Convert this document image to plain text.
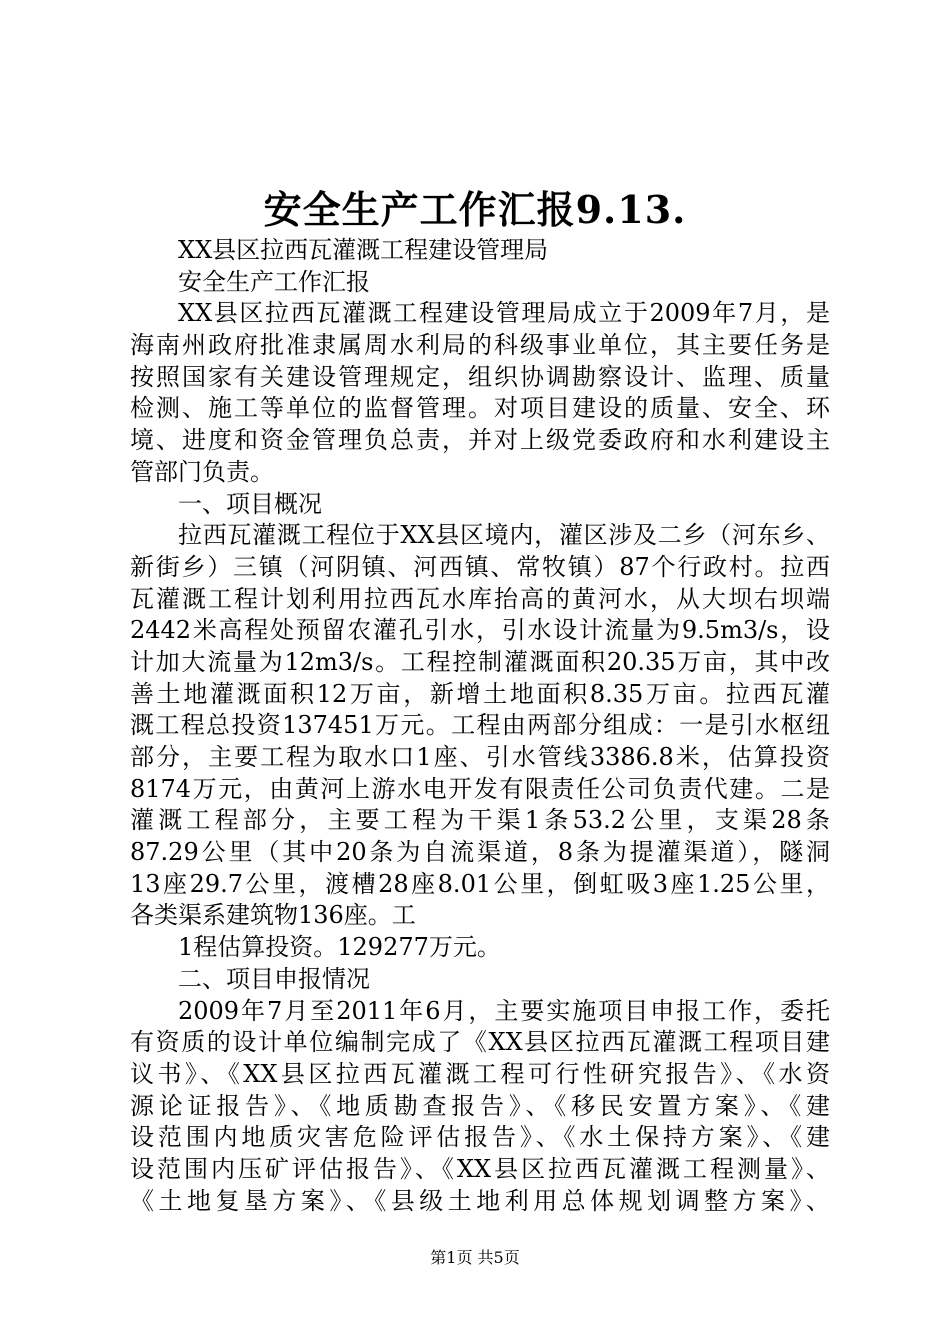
安全生产工作汇报9.13.
XX县区拉西瓦灌溉工程建设管理局
安全生产工作汇报
XX县区拉西瓦灌溉工程建设管理局成立于2009年7月，是
海南州政府批准隶属周水利局的科级事业单位，其主要任务是
按照国家有关建设管理规定，组织协调勘察设计、监理、质量
检测、施工等单位的监督管理。对项目建设的质量、安全、环
境、进度和资金管理负总责，并对上级党委政府和水利建设主
管部门负责。
一、项目概况
拉西瓦灌溉工程位于XX县区境内，灌区涉及二乡（河东乡、
新街乡）三镇（河阴镇、河西镇、常牧镇）87个行政村。拉西
瓦灌溉工程计划利用拉西瓦水库抬高的黄河水，从大坝右坝端
2442米高程处预留农灌孔引水，引水设计流量为9.5m3/s，设
计加大流量为12m3/s。工程控制灌溉面积20.35万亩，其中改
善土地灌溉面积12万亩，新增土地面积8.35万亩。拉西瓦灌
溉工程总投资137451万元。工程由两部分组成：一是引水枢纽
部分，主要工程为取水口1座、引水管线3386.8米，估算投资
8174万元，由黄河上游水电开发有限责任公司负责代建。二是
灌溉工程部分，主要工程为干渠1条53.2公里，支渠28条
87.29公里（其中20条为自流渠道，8条为提灌渠道），隧洞
13座29.7公里，渡槽28座8.01公里，倒虹吸3座1.25公里，
各类渠系建筑物136座。工
1程估算投资。129277万元。
二、项目申报情况
2009年7月至2011年6月，主要实施项目申报工作，委托
有资质的设计单位编制完成了《XX县区拉西瓦灌溉工程项目建
议书》、《XX县区拉西瓦灌溉工程可行性研究报告》、《水资
源论证报告》、《地质勘查报告》、《移民安置方案》、《建
设范围内地质灾害危险评估报告》、《水土保持方案》、《建
设范围内压矿评估报告》、《XX县区拉西瓦灌溉工程测量》、
《土地复垦方案》、《县级土地利用总体规划调整方案》、
第1页 共5页
